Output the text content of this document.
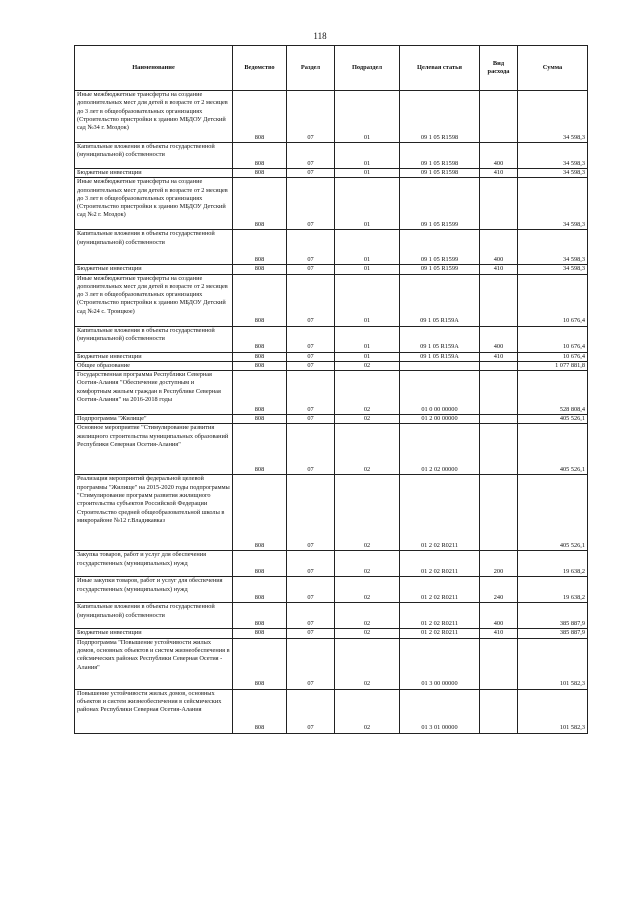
118
Наименование	Ведомство	Раздел	Подраздел	Целевая статья	Вид расхода	Сумма
Иные межбюджетные трансферты на создание дополнительных мест для детей в возрасте от 2 месяцев до 3 лет в общеобразовательных организациях (Строительство пристройки к зданию МБДОУ Детский сад №34 г. Моздок)	808	07	01	09 1 05 R1598		34 598,3
Капитальные вложения в объекты государственной (муниципальной) собственности	808	07	01	09 1 05 R1598	400	34 598,3
Бюджетные инвестиции	808	07	01	09 1 05 R1598	410	34 598,3
Иные межбюджетные трансферты на создание дополнительных мест для детей в возрасте от 2 месяцев до 3 лет в общеобразовательных организациях (Строительство пристройки к зданию МБДОУ Детский сад №2 г. Моздок)	808	07	01	09 1 05 R1599		34 598,3
Капитальные вложения в объекты государственной (муниципальной) собственности	808	07	01	09 1 05 R1599	400	34 598,3
Бюджетные инвестиции	808	07	01	09 1 05 R1599	410	34 598,3
Иные межбюджетные трансферты на создание дополнительных мест для детей в возрасте от 2 месяцев до 3 лет в общеобразовательных организациях (Строительство пристройки к зданию МБДОУ Детский сад №24 с. Троицкое)	808	07	01	09 1 05 R159A		10 676,4
Капитальные вложения в объекты государственной (муниципальной) собственности	808	07	01	09 1 05 R159A	400	10 676,4
Бюджетные инвестиции	808	07	01	09 1 05 R159A	410	10 676,4
Общее образование	808	07	02			1 077 881,8
Государственная программа Республики Северная Осетия-Алания "Обеспечение доступным и комфортным жильем граждан в Республике Северная Осетия-Алания" на 2016-2018 годы	808	07	02	01 0 00 00000		528 808,4
Подпрограмма "Жилище"	808	07	02	01 2 00 00000		405 526,1
Основное мероприятие "Стимулирование развития жилищного строительства муниципальных образований Республики Северная Осетия-Алания"	808	07	02	01 2 02 00000		405 526,1
Реализация мероприятий федеральной целевой программы "Жилище" на 2015-2020 годы подпрограммы "Стимулирование программ развития жилищного строительства субъектов Российской Федерации Строительство средней общеобразовательной школы в микрорайоне №12 г.Владикавказ	808	07	02	01 2 02 R0211		405 526,1
Закупка товаров, работ и услуг для обеспечения государственных (муниципальных) нужд	808	07	02	01 2 02 R0211	200	19 638,2
Иные закупки товаров, работ и услуг для обеспечения государственных (муниципальных) нужд	808	07	02	01 2 02 R0211	240	19 638,2
Капитальные вложения в объекты государственной (муниципальной) собственности	808	07	02	01 2 02 R0211	400	385 887,9
Бюджетные инвестиции	808	07	02	01 2 02 R0211	410	385 887,9
Подпрограмма "Повышение устойчивости жилых домов, основных объектов и систем жизнеобеспечения в сейсмических районах Республики Северная Осетия - Алания"	808	07	02	01 3 00 00000		101 582,3
Повышение устойчивости жилых домов, основных объектов и систем жизнеобеспечения в сейсмических районах Республики Северная Осетия-Алания	808	07	02	01 3 01 00000		101 582,3
